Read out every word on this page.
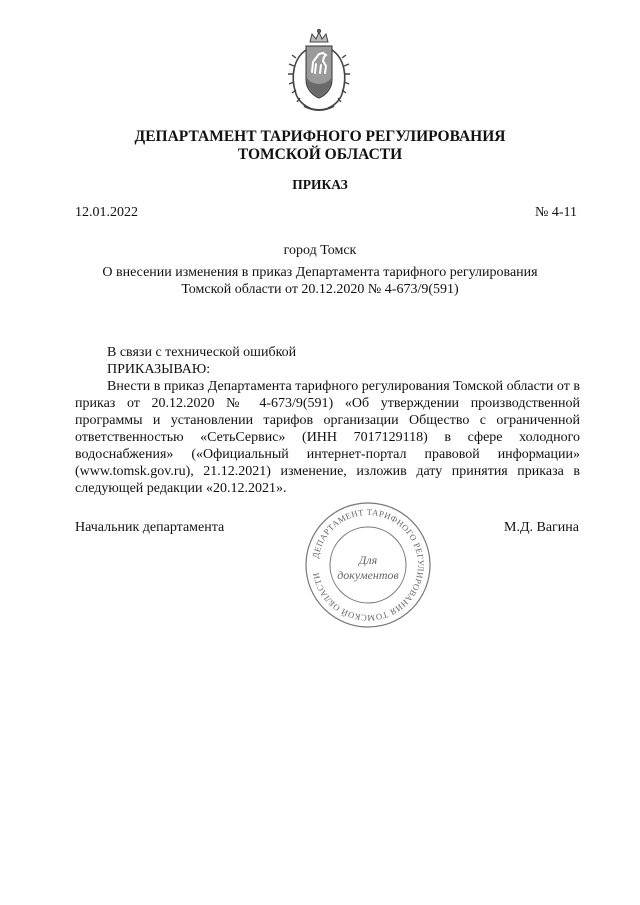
ДЕПАРТАМЕНТ ТАРИФНОГО РЕГУЛИРОВАНИЯ
ТОМСКОЙ ОБЛАСТИ
ПРИКАЗ
12.01.2022	№ 4-11
город Томск
О внесении изменения в приказ Департамента тарифного регулирования
Томской области от 20.12.2020 № 4-673/9(591)
В связи с технической ошибкой
ПРИКАЗЫВАЮ:
Внести в приказ Департамента тарифного регулирования Томской области от в приказ от 20.12.2020 № 4-673/9(591) «Об утверждении производственной программы и установлении тарифов организации Общество с ограниченной ответственностью «СетьСервис» (ИНН 7017129118) в сфере холодного водоснабжения» («Официальный интернет-портал правовой информации» (www.tomsk.gov.ru), 21.12.2021) изменение, изложив дату принятия приказа в следующей редакции «20.12.2021».
Начальник департамента	М.Д. Вагина
ДЕПАРТАМЕНТ ТАРИФНОГО РЕГУЛИРОВАНИЯ ТОМСКОЙ ОБЛАСТИ
Для
документов
